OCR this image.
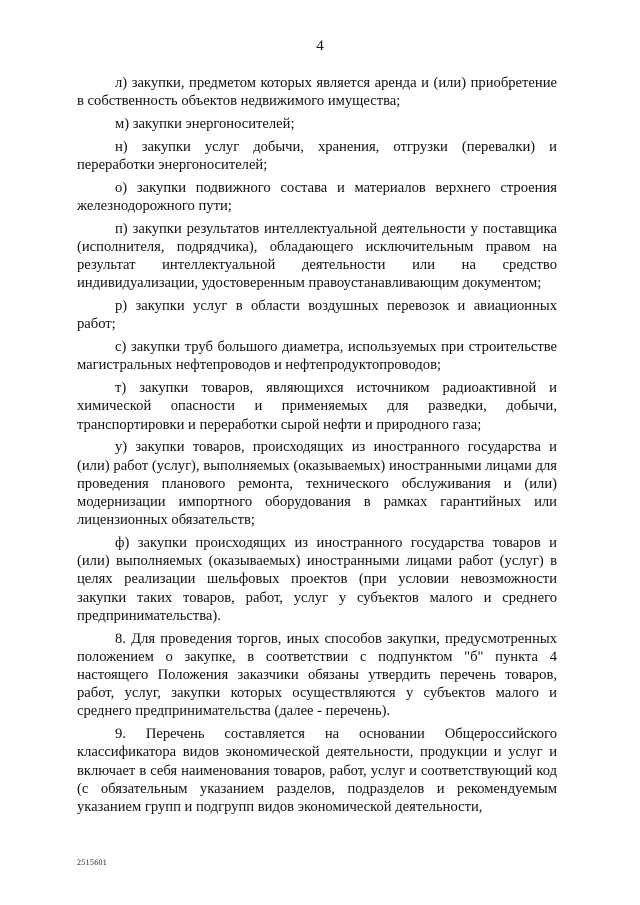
4

л) закупки, предметом которых является аренда и (или) приобретение в собственность объектов недвижимого имущества;

м) закупки энергоносителей;

н) закупки услуг добычи, хранения, отгрузки (перевалки) и переработки энергоносителей;

о) закупки подвижного состава и материалов верхнего строения железнодорожного пути;

п) закупки результатов интеллектуальной деятельности у поставщика (исполнителя, подрядчика), обладающего исключительным правом на результат интеллектуальной деятельности или на средство индивидуализации, удостоверенным правоустанавливающим документом;

р) закупки услуг в области воздушных перевозок и авиационных работ;

с) закупки труб большого диаметра, используемых при строительстве магистральных нефтепроводов и нефтепродуктопроводов;

т) закупки товаров, являющихся источником радиоактивной и химической опасности и применяемых для разведки, добычи, транспортировки и переработки сырой нефти и природного газа;

у) закупки товаров, происходящих из иностранного государства и (или) работ (услуг), выполняемых (оказываемых) иностранными лицами для проведения планового ремонта, технического обслуживания и (или) модернизации импортного оборудования в рамках гарантийных или лицензионных обязательств;

ф) закупки происходящих из иностранного государства товаров и (или) выполняемых (оказываемых) иностранными лицами работ (услуг) в целях реализации шельфовых проектов (при условии невозможности закупки таких товаров, работ, услуг у субъектов малого и среднего предпринимательства).

8. Для проведения торгов, иных способов закупки, предусмотренных положением о закупке, в соответствии с подпунктом "б" пункта 4 настоящего Положения заказчики обязаны утвердить перечень товаров, работ, услуг, закупки которых осуществляются у субъектов малого и среднего предпринимательства (далее - перечень).

9. Перечень составляется на основании Общероссийского классификатора видов экономической деятельности, продукции и услуг и включает в себя наименования товаров, работ, услуг и соответствующий код (с обязательным указанием разделов, подразделов и рекомендуемым указанием групп и подгрупп видов экономической деятельности,

2515601
